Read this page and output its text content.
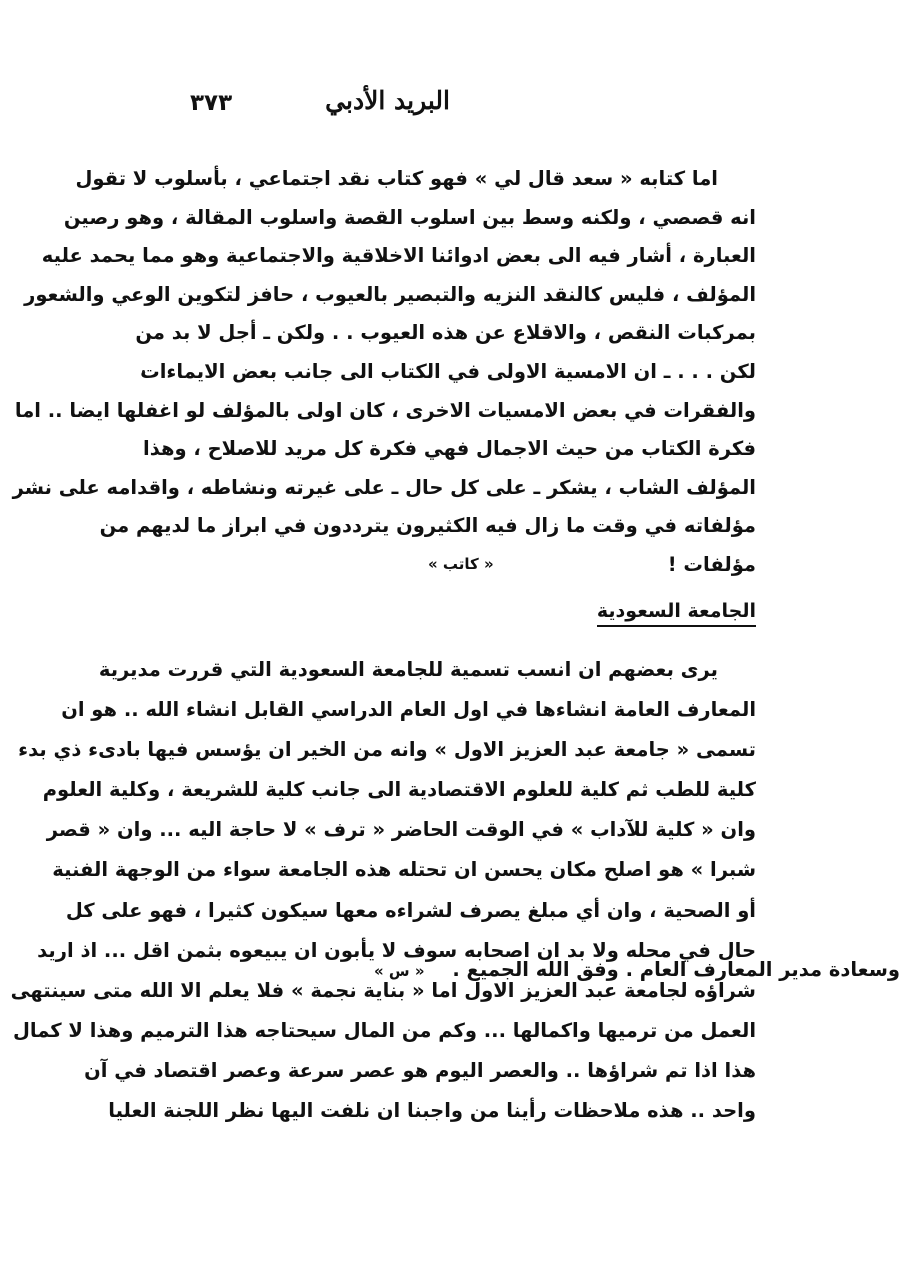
البريد الأدبي
٣٧٣
اما كتابه « سعد قال لي » فهو كتاب نقد اجتماعي ، بأسلوب لا تقول
انه قصصي ، ولكنه وسط بين اسلوب القصة واسلوب المقالة ، وهو رصين
العبارة ، أشار فيه الى بعض ادوائنا الاخلاقية والاجتماعية وهو مما يحمد عليه
المؤلف ، فليس كالنقد النزيه والتبصير بالعيوب ، حافز لتكوين الوعي والشعور
بمركبات النقص ، والاقلاع عن هذه العيوب . . ولكن ـ أجل لا بد من
لكن . . . ـ ان الامسية الاولى في الكتاب الى جانب بعض الايماءات
والفقرات في بعض الامسيات الاخرى ، كان اولى بالمؤلف لو اغفلها ايضا .. اما
فكرة الكتاب من حيث الاجمال فهي فكرة كل مريد للاصلاح ، وهذا
المؤلف الشاب ، يشكر ـ على كل حال ـ على غيرته ونشاطه ، واقدامه على نشر
مؤلفاته في وقت ما زال فيه الكثيرون يترددون في ابراز ما لديهم من
مؤلفات !
« كاتب »
الجامعة السعودية
يرى بعضهم ان انسب تسمية للجامعة السعودية التي قررت مديرية
المعارف العامة انشاءها في اول العام الدراسي القابل انشاء الله .. هو ان
تسمى « جامعة عبد العزيز الاول » وانه من الخير ان يؤسس فيها بادىء ذي بدء
كلية للطب ثم كلية للعلوم الاقتصادية الى جانب كلية للشريعة ، وكلية العلوم
وان « كلية للآداب » في الوقت الحاضر « ترف » لا حاجة اليه ... وان « قصر
شبرا » هو اصلح مكان يحسن ان تحتله هذه الجامعة سواء من الوجهة الفنية
أو الصحية ، وان أي مبلغ يصرف لشراءه معها سيكون كثيرا ، فهو على كل
حال في محله ولا بد ان اصحابه سوف لا يأبون ان يبيعوه بثمن اقل ... اذ اريد
شراؤه لجامعة عبد العزيز الاول اما « بناية نجمة » فلا يعلم الا الله متى سينتهى
العمل من ترميها واكمالها ... وكم من المال سيحتاجه هذا الترميم وهذا لا كمال
هذا اذا تم شراؤها .. والعصر اليوم هو عصر سرعة وعصر اقتصاد في آن
واحد .. هذه ملاحظات رأينا من واجبنا ان نلفت اليها نظر اللجنة العليا
وسعادة مدير المعارف العام . وفق الله الجميع .
« س »
